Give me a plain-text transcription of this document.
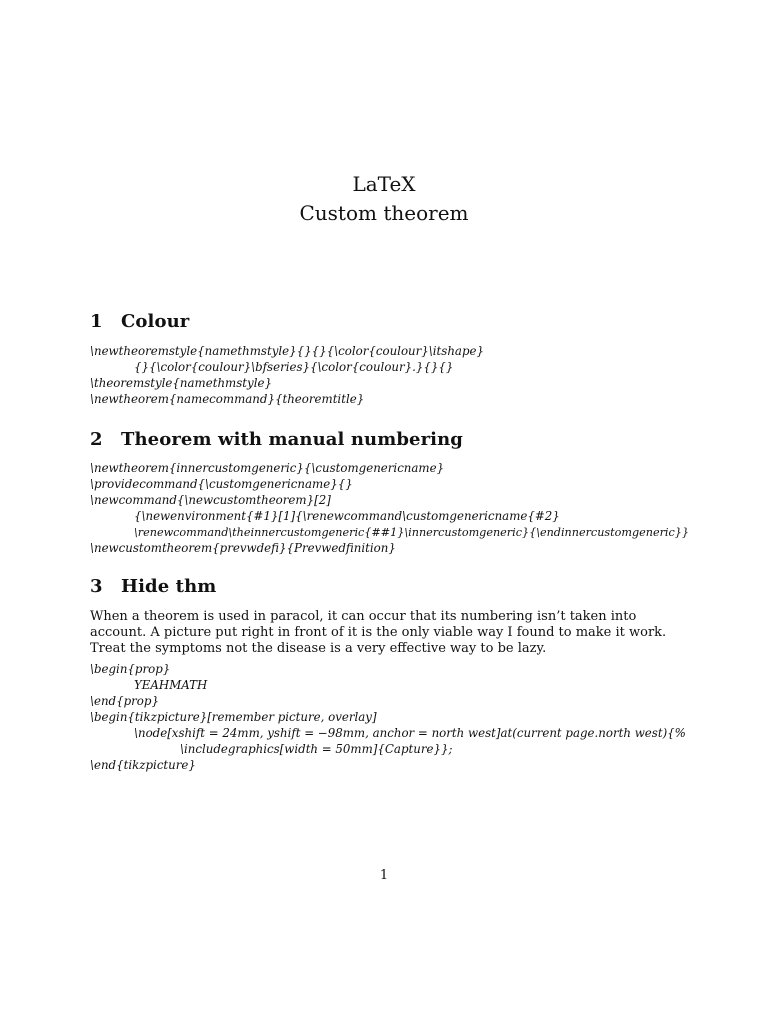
LaTeX
Custom theorem
1 Colour
\newtheoremstyle{namethmstyle}{}{}{\color{coulour}\itshape}
{}{\color{coulour}\bfseries}{\color{coulour}.}{}{}
\theoremstyle{namethmstyle}
\newtheorem{namecommand}{theoremtitle}
2 Theorem with manual numbering
\newtheorem{innercustomgeneric}{\customgenericname}
\providecommand{\customgenericname}{}
\newcommand{\newcustomtheorem}[2]
{\newenvironment{#1}[1]{\renewcommand\customgenericname{#2}
\renewcommand\theinnercustomgeneric{##1}\innercustomgeneric}{\endinnercustomgeneric}}
\newcustomtheorem{prevwdefi}{Prevwedfinition}
3 Hide thm
When a theorem is used in paracol, it can occur that its numbering isn’t taken into account. A picture put right in front of it is the only viable way I found to make it work. Treat the symptoms not the disease is a very effective way to be lazy.
\begin{prop}
YEAHMATH
\end{prop}
\begin{tikzpicture}[remember picture, overlay]
\node[xshift = 24mm, yshift = −98mm, anchor = north west]at(current page.north west){%
\includegraphics[width = 50mm]{Capture}};
\end{tikzpicture}
1
